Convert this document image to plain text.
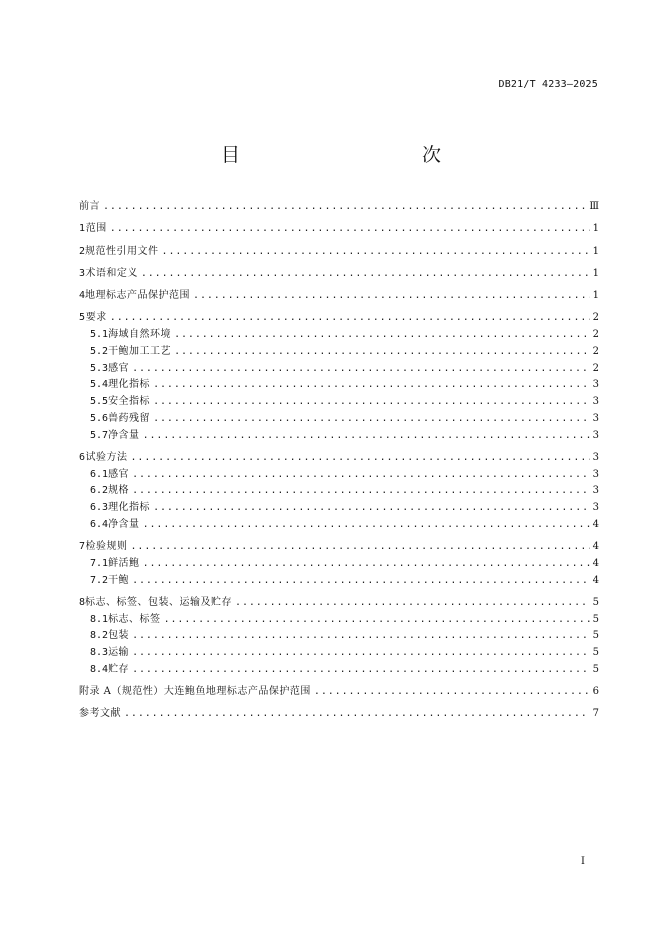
DB21/T 4233—2025
目　　次
前言 .....	Ⅲ
1 范围 .....	1
2 规范性引用文件 .....	1
3 术语和定义 .....	1
4 地理标志产品保护范围 .....	1
5 要求 .....	2
5.1 海域自然环境 .....	2
5.2 干鲍加工工艺 .....	2
5.3 感官 .....	2
5.4 理化指标 .....	3
5.5 安全指标 .....	3
5.6 兽药残留 .....	3
5.7 净含量 .....	3
6 试验方法 .....	3
6.1 感官 .....	3
6.2 规格 .....	3
6.3 理化指标 .....	3
6.4 净含量 .....	4
7 检验规则 .....	4
7.1 鲜活鲍 .....	4
7.2 干鲍 .....	4
8 标志、标签、包装、运输及贮存 .....	5
8.1 标志、标签 .....	5
8.2 包装 .....	5
8.3 运输 .....	5
8.4 贮存 .....	5
附录 A（规范性）大连鲍鱼地理标志产品保护范围 .....	6
参考文献 .....	7
I
